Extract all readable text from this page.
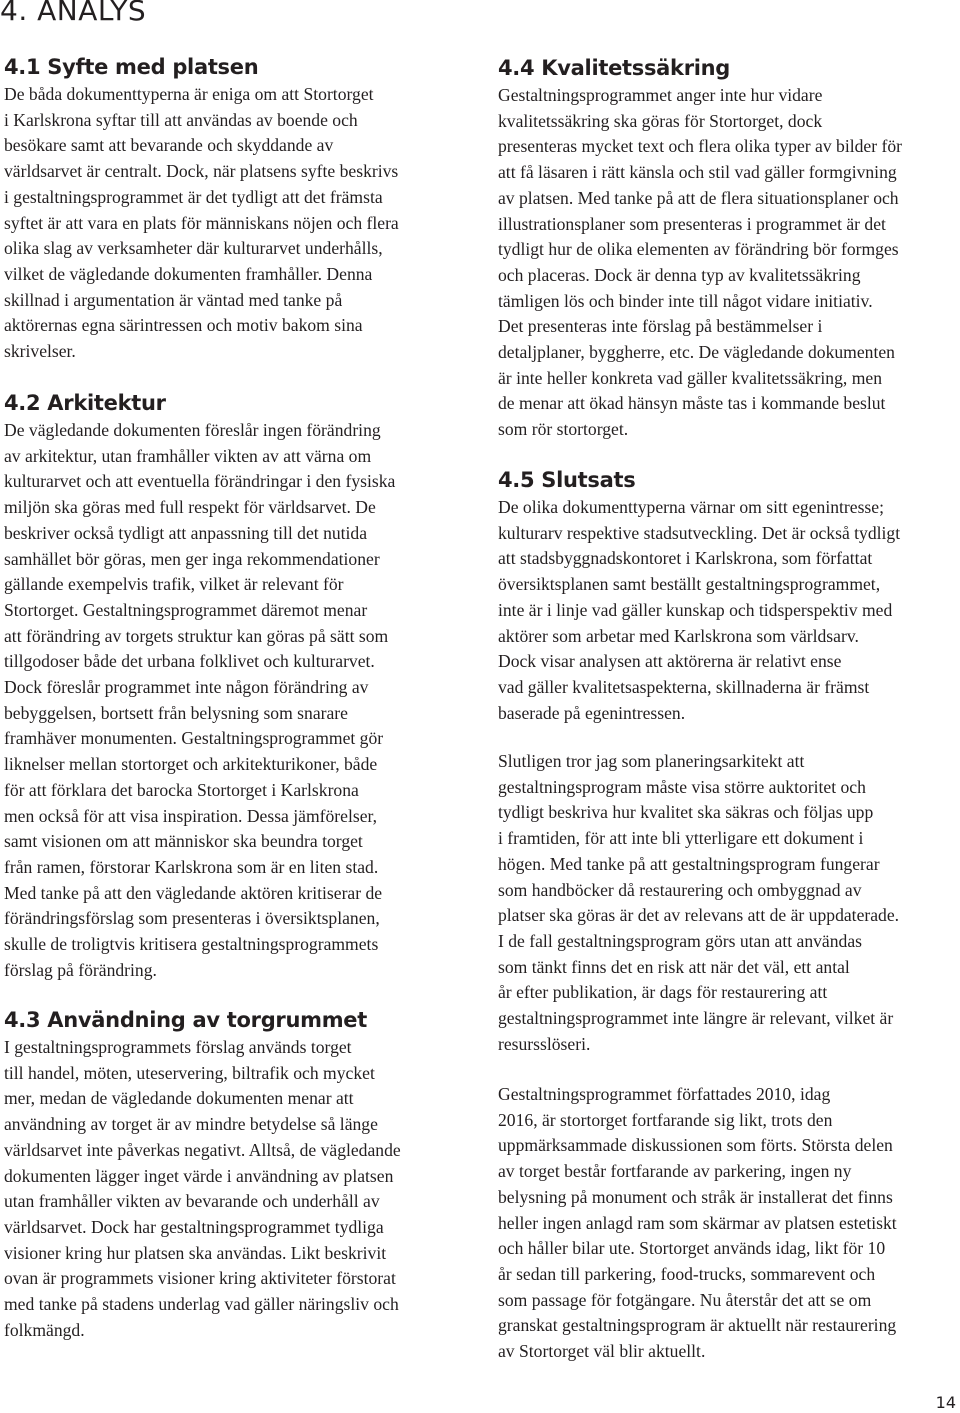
4. ANALYS
4.1 Syfte med platsen

De båda dokumenttyperna är eniga om att Stortorget
i Karlskrona syftar till att användas av boende och
besökare samt att bevarande och skyddande av
världsarvet är centralt. Dock, när platsens syfte beskrivs
i gestaltningsprogrammet är det tydligt att det främsta
syftet är att vara en plats för människans nöjen och flera
olika slag av verksamheter där kulturarvet underhålls,
vilket de vägledande dokumenten framhåller. Denna
skillnad i argumentation är väntad med tanke på
aktörernas egna särintressen och motiv bakom sina
skrivelser.

4.2 Arkitektur

De vägledande dokumenten föreslår ingen förändring
av arkitektur, utan framhåller vikten av att värna om
kulturarvet och att eventuella förändringar i den fysiska
miljön ska göras med full respekt för världsarvet. De
beskriver också tydligt att anpassning till det nutida
samhället bör göras, men ger inga rekommendationer
gällande exempelvis trafik, vilket är relevant för
Stortorget. Gestaltningsprogrammet däremot menar
att förändring av torgets struktur kan göras på sätt som
tillgodoser både det urbana folklivet och kulturarvet.
Dock föreslår programmet inte någon förändring av
bebyggelsen, bortsett från belysning som snarare
framhäver monumenten. Gestaltningsprogrammet gör
liknelser mellan stortorget och arkitekturikoner, både
för att förklara det barocka Stortorget i Karlskrona
men också för att visa inspiration. Dessa jämförelser,
samt visionen om att människor ska beundra torget
från ramen, förstorar Karlskrona som är en liten stad.
Med tanke på att den vägledande aktören kritiserar de
förändringsförslag som presenteras i översiktsplanen,
skulle de troligtvis kritisera gestaltningsprogrammets
förslag på förändring.

4.3 Användning av torgrummet

I gestaltningsprogrammets förslag används torget
till handel, möten, uteservering, biltrafik och mycket
mer, medan de vägledande dokumenten menar att
användning av torget är av mindre betydelse så länge
världsarvet inte påverkas negativt. Alltså, de vägledande
dokumenten lägger inget värde i användning av platsen
utan framhåller vikten av bevarande och underhåll av
världsarvet. Dock har gestaltningsprogrammet tydliga
visioner kring hur platsen ska användas. Likt beskrivit
ovan är programmets visioner kring aktiviteter förstorat
med tanke på stadens underlag vad gäller näringsliv och
folkmängd.

4.4 Kvalitetssäkring

Gestaltningsprogrammet anger inte hur vidare
kvalitetssäkring ska göras för Stortorget, dock
presenteras mycket text och flera olika typer av bilder för
att få läsaren i rätt känsla och stil vad gäller formgivning
av platsen. Med tanke på att de flera situationsplaner och
illustrationsplaner som presenteras i programmet är det
tydligt hur de olika elementen av förändring bör formges
och placeras. Dock är denna typ av kvalitetssäkring
tämligen lös och binder inte till något vidare initiativ.
Det presenteras inte förslag på bestämmelser i
detaljplaner, byggherre, etc. De vägledande dokumenten
är inte heller konkreta vad gäller kvalitetssäkring, men
de menar att ökad hänsyn måste tas i kommande beslut
som rör stortorget.

4.5 Slutsats

De olika dokumenttyperna värnar om sitt egenintresse;
kulturarv respektive stadsutveckling. Det är också tydligt
att stadsbyggnadskontoret i Karlskrona, som författat
översiktsplanen samt beställt gestaltningsprogrammet,
inte är i linje vad gäller kunskap och tidsperspektiv med
aktörer som arbetar med Karlskrona som världsarv.
Dock visar analysen att aktörerna är relativt ense
vad gäller kvalitetsaspekterna, skillnaderna är främst
baserade på egenintressen.

Slutligen tror jag som planeringsarkitekt att
gestaltningsprogram måste visa större auktoritet och
tydligt beskriva hur kvalitet ska säkras och följas upp
i framtiden, för att inte bli ytterligare ett dokument i
högen. Med tanke på att gestaltningsprogram fungerar
som handböcker då restaurering och ombyggnad av
platser ska göras är det av relevans att de är uppdaterade.
I de fall gestaltningsprogram görs utan att användas
som tänkt finns det en risk att när det väl, ett antal
år efter publikation, är dags för restaurering att
gestaltningsprogrammet inte längre är relevant, vilket är
resursslöseri.

Gestaltningsprogrammet författades 2010, idag
2016, är stortorget fortfarande sig likt, trots den
uppmärksammade diskussionen som förts. Största delen
av torget består fortfarande av parkering, ingen ny
belysning på monument och stråk är installerat det finns
heller ingen anlagd ram som skärmar av platsen estetiskt
och håller bilar ute. Stortorget används idag, likt för 10
år sedan till parkering, food-trucks, sommarevent och
som passage för fotgängare. Nu återstår det att se om
granskat gestaltningsprogram är aktuellt när restaurering
av Stortorget väl blir aktuellt.

14
